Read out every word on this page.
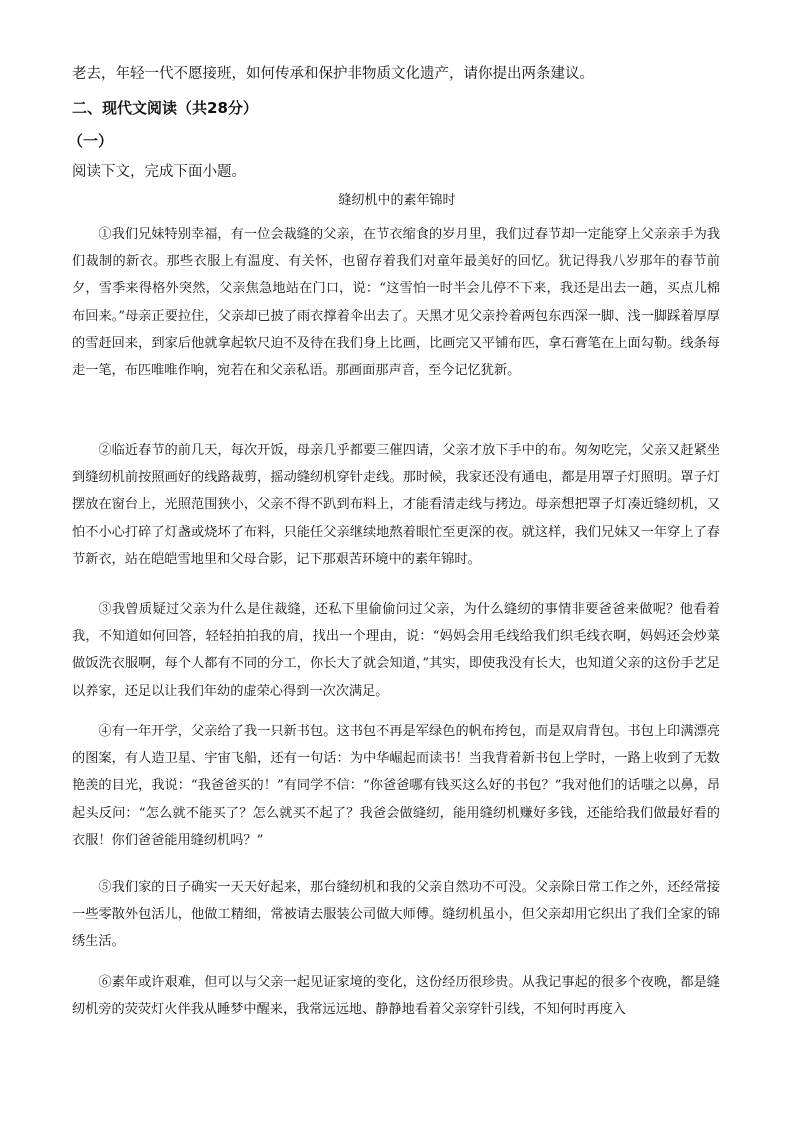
老去，年轻一代不愿接班，如何传承和保护非物质文化遗产，请你提出两条建议。
二、现代文阅读（共28分）
（一）
阅读下文，完成下面小题。
缝纫机中的素年锦时

①我们兄妹特别幸福，有一位会裁缝的父亲，在节衣缩食的岁月里，我们过春节却一定能穿上父亲亲手为我们裁制的新衣。那些衣服上有温度、有关怀，也留存着我们对童年最美好的回忆。犹记得我八岁那年的春节前夕，雪季来得格外突然，父亲焦急地站在门口，说：“这雪怕一时半会儿停不下来，我还是出去一趟，买点儿棉布回来。”母亲正要拉住，父亲却已披了雨衣撑着伞出去了。天黑才见父亲拎着两包东西深一脚、浅一脚踩着厚厚的雪赶回来，到家后他就拿起软尺迫不及待在我们身上比画，比画完又平铺布匹，拿石膏笔在上面勾勒。线条每走一笔，布匹唯唯作响，宛若在和父亲私语。那画面那声音，至今记忆犹新。

②临近春节的前几天，每次开饭，母亲几乎都要三催四请，父亲才放下手中的布。匆匆吃完，父亲又赶紧坐到缝纫机前按照画好的线路裁剪，摇动缝纫机穿针走线。那时候，我家还没有通电，都是用罩子灯照明。罩子灯摆放在窗台上，光照范围狭小，父亲不得不趴到布料上，才能看清走线与拷边。母亲想把罩子灯凑近缝纫机，又怕不小心打碎了灯盏或烧坏了布料，只能任父亲继续地熬着眼忙至更深的夜。就这样，我们兄妹又一年穿上了春节新衣，站在皑皑雪地里和父母合影，记下那艰苦环境中的素年锦时。

③我曾质疑过父亲为什么是住裁缝，还私下里偷偷问过父亲，为什么缝纫的事情非要爸爸来做呢？他看着我，不知道如何回答，轻轻拍拍我的肩，找出一个理由，说：“妈妈会用毛线给我们织毛线衣啊，妈妈还会炒菜做饭洗衣服啊，每个人都有不同的分工，你长大了就会知道，”其实，即使我没有长大，也知道父亲的这份手艺足以养家，还足以让我们年幼的虚荣心得到一次次满足。

④有一年开学，父亲给了我一只新书包。这书包不再是军绿色的帆布挎包，而是双肩背包。书包上印满漂亮的图案，有人造卫星、宇宙飞船，还有一句话：为中华崛起而读书！当我背着新书包上学时，一路上收到了无数艳羡的目光，我说：“我爸爸买的！”有同学不信：“你爸爸哪有钱买这么好的书包？”我对他们的话嗤之以鼻，昂起头反问：“怎么就不能买了？怎么就买不起了？我爸会做缝纫，能用缝纫机赚好多钱，还能给我们做最好看的衣服！你们爸爸能用缝纫机吗？”

⑤我们家的日子确实一天天好起来，那台缝纫机和我的父亲自然功不可没。父亲除日常工作之外，还经常接一些零散外包活儿，他做工精细，常被请去服装公司做大师傅。缝纫机虽小，但父亲却用它织出了我们全家的锦绣生活。

⑥素年或许艰难，但可以与父亲一起见证家境的变化，这份经历很珍贵。从我记事起的很多个夜晚，都是缝纫机旁的荧荧灯火伴我从睡梦中醒来，我常远远地、静静地看着父亲穿针引线，不知何时再度入
